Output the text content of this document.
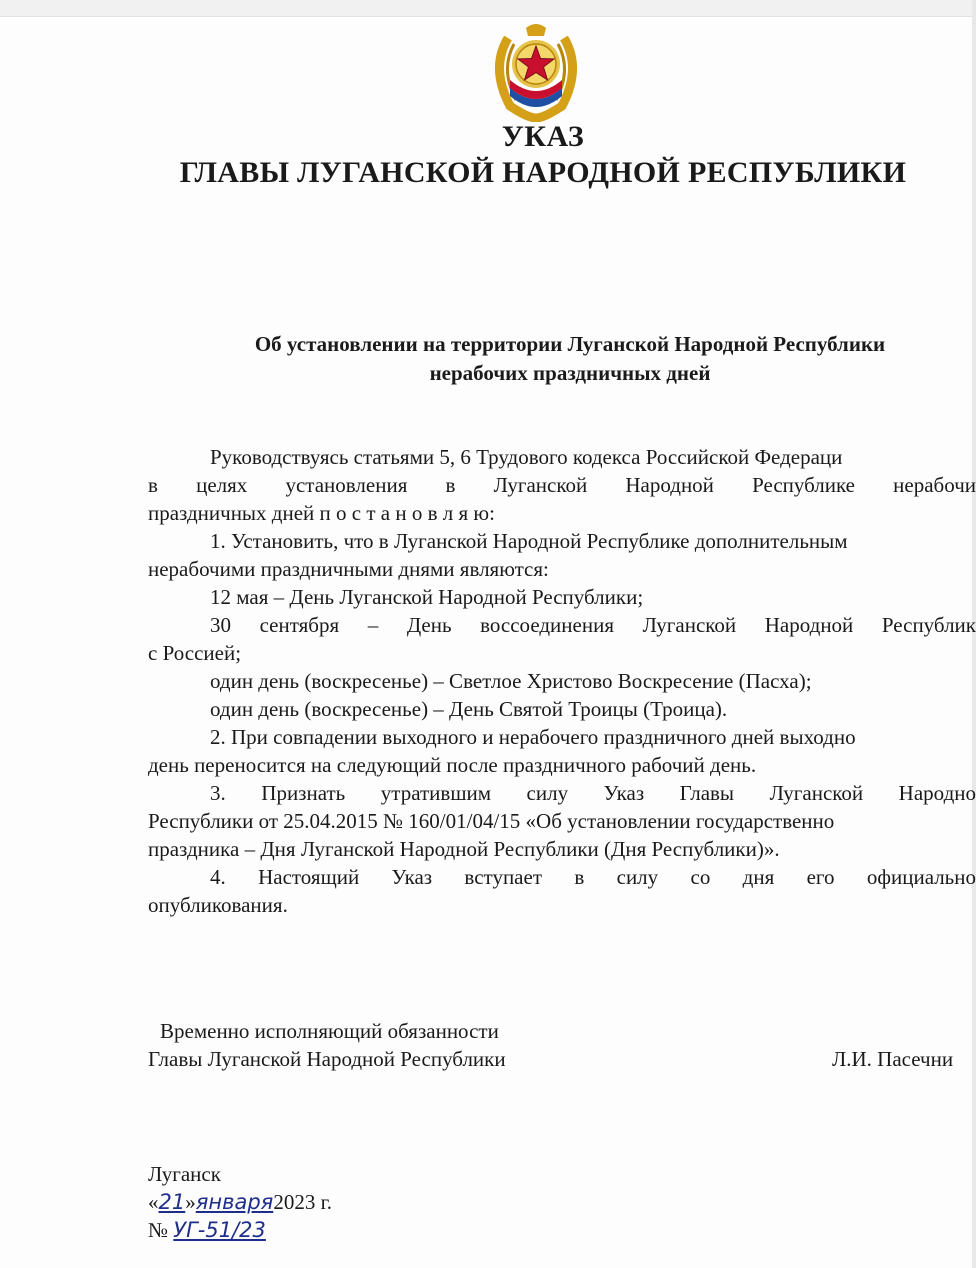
УКАЗ
ГЛАВЫ ЛУГАНСКОЙ НАРОДНОЙ РЕСПУБЛИКИ
Об установлении на территории Луганской Народной Республики
нерабочих праздничных дней

Руководствуясь статьями 5, 6 Трудового кодекса Российской Федераци

в целях установления в Луганской Народной Республике нерабочи

праздничных дней п о с т а н о в л я ю:

1. Установить, что в Луганской Народной Республике дополнительным

нерабочими праздничными днями являются:

12 мая – День Луганской Народной Республики;

30 сентября – День воссоединения Луганской Народной Республик

с Россией;

один день (воскресенье) – Светлое Христово Воскресение (Пасха);

один день (воскресенье) – День Святой Троицы (Троица).

2. При совпадении выходного и нерабочего праздничного дней выходно

день переносится на следующий после праздничного рабочий день.

3. Признать утратившим силу Указ Главы Луганской Народно

Республики от 25.04.2015 № 160/01/04/15 «Об установлении государственно

праздника – Дня Луганской Народной Республики (Дня Республики)».

4. Настоящий Указ вступает в силу со дня его официально

опубликования.

Временно исполняющий обязанности
Главы Луганской Народной Республики	Л.И. Пасечни
Луганск
«21»января2023 г.
№ УГ-51/23
